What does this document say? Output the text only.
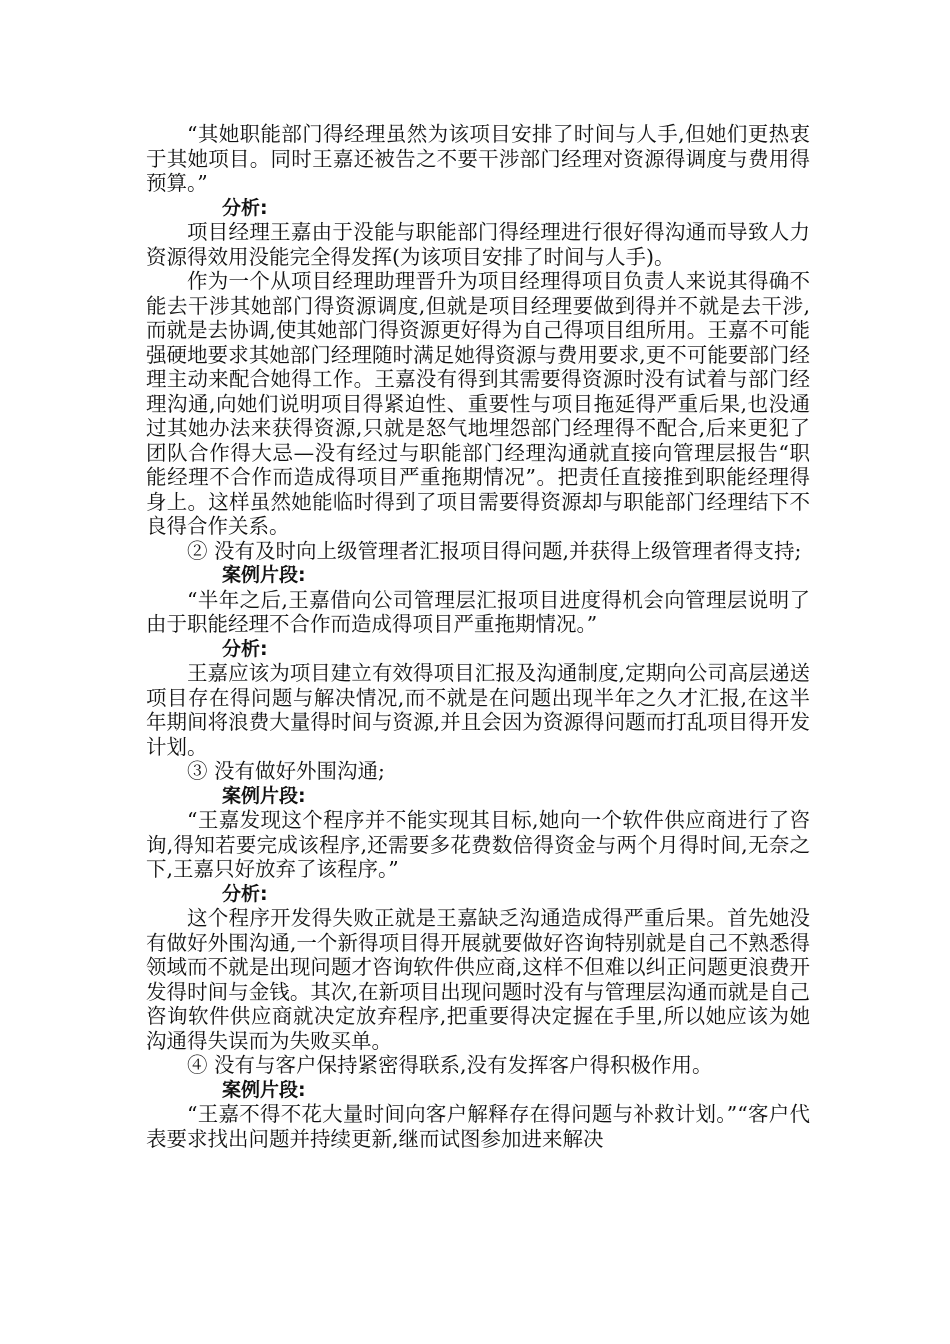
“其她职能部门得经理虽然为该项目安排了时间与人手,但她们更热衷于其她项目。同时王嘉还被告之不要干涉部门经理对资源得调度与费用得预算。”

分析:

项目经理王嘉由于没能与职能部门得经理进行很好得沟通而导致人力资源得效用没能完全得发挥(为该项目安排了时间与人手)。

作为一个从项目经理助理晋升为项目经理得项目负责人来说其得确不能去干涉其她部门得资源调度,但就是项目经理要做到得并不就是去干涉,而就是去协调,使其她部门得资源更好得为自己得项目组所用。王嘉不可能强硬地要求其她部门经理随时满足她得资源与费用要求,更不可能要部门经理主动来配合她得工作。王嘉没有得到其需要得资源时没有试着与部门经理沟通,向她们说明项目得紧迫性、重要性与项目拖延得严重后果,也没通过其她办法来获得资源,只就是怒气地埋怨部门经理得不配合,后来更犯了团队合作得大忌—没有经过与职能部门经理沟通就直接向管理层报告“职能经理不合作而造成得项目严重拖期情况”。把责任直接推到职能经理得身上。这样虽然她能临时得到了项目需要得资源却与职能部门经理结下不良得合作关系。

② 没有及时向上级管理者汇报项目得问题,并获得上级管理者得支持;

案例片段:

“半年之后,王嘉借向公司管理层汇报项目进度得机会向管理层说明了由于职能经理不合作而造成得项目严重拖期情况。”

分析:

王嘉应该为项目建立有效得项目汇报及沟通制度,定期向公司高层递送项目存在得问题与解决情况,而不就是在问题出现半年之久才汇报,在这半年期间将浪费大量得时间与资源,并且会因为资源得问题而打乱项目得开发计划。

③ 没有做好外围沟通;

案例片段:

“王嘉发现这个程序并不能实现其目标,她向一个软件供应商进行了咨询,得知若要完成该程序,还需要多花费数倍得资金与两个月得时间,无奈之下,王嘉只好放弃了该程序。”

分析:

这个程序开发得失败正就是王嘉缺乏沟通造成得严重后果。首先她没有做好外围沟通,一个新得项目得开展就要做好咨询特别就是自己不熟悉得领域而不就是出现问题才咨询软件供应商,这样不但难以纠正问题更浪费开发得时间与金钱。其次,在新项目出现问题时没有与管理层沟通而就是自己咨询软件供应商就决定放弃程序,把重要得决定握在手里,所以她应该为她沟通得失误而为失败买单。

④ 没有与客户保持紧密得联系,没有发挥客户得积极作用。

案例片段:

“王嘉不得不花大量时间向客户解释存在得问题与补救计划。”“客户代表要求找出问题并持续更新,继而试图参加进来解决
